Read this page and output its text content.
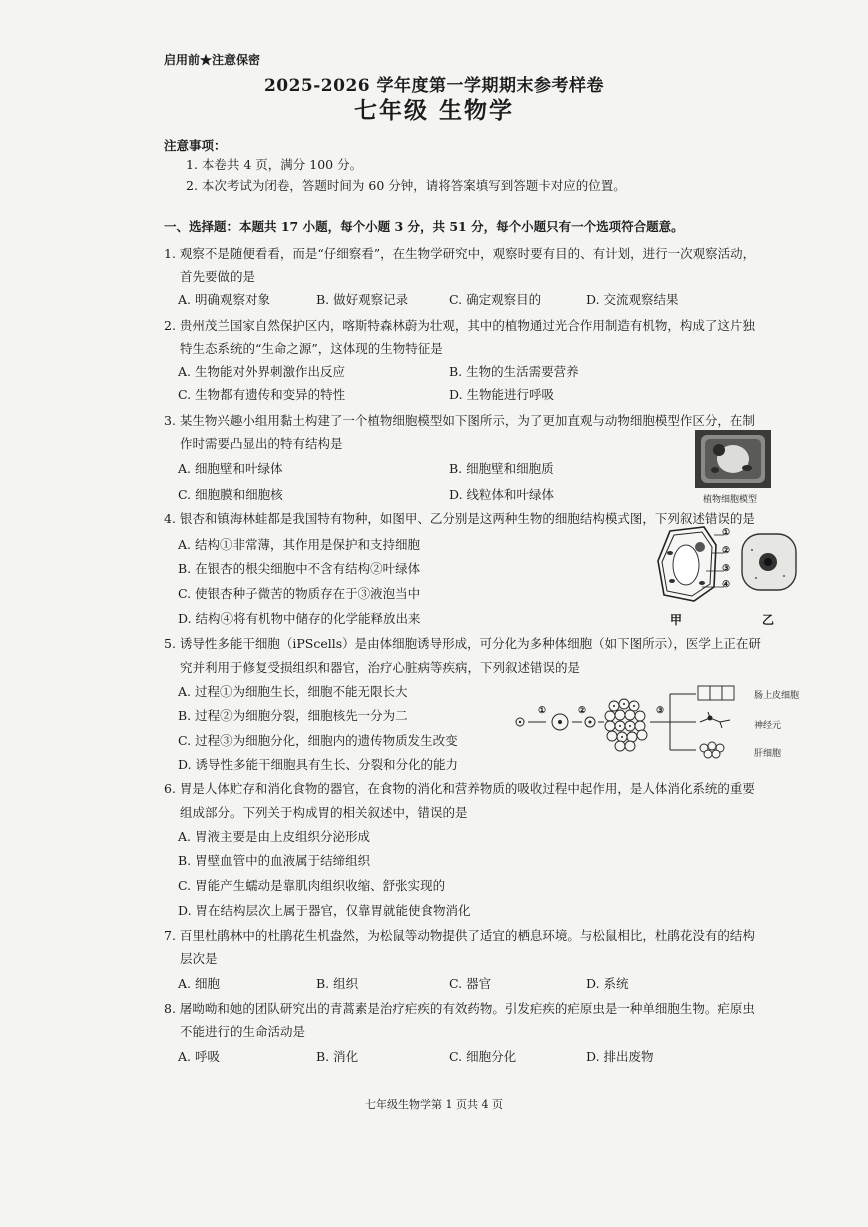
启用前★注意保密
2025-2026 学年度第一学期期末参考样卷
七年级 生物学
注意事项：
1. 本卷共 4 页，满分 100 分。
2. 本次考试为闭卷，答题时间为 60 分钟，请将答案填写到答题卡对应的位置。
一、选择题：本题共 17 小题，每个小题 3 分，共 51 分，每个小题只有一个选项符合题意。
1. 观察不是随便看看，而是“仔细察看”，在生物学研究中，观察时要有目的、有计划，进行一次观察活动，
首先要做的是
A. 明确观察对象	B. 做好观察记录	C. 确定观察目的	D. 交流观察结果
2. 贵州茂兰国家自然保护区内，喀斯特森林蔚为壮观，其中的植物通过光合作用制造有机物，构成了这片独
特生态系统的“生命之源”，这体现的生物特征是
A. 生物能对外界刺激作出反应	B. 生物的生活需要营养
C. 生物都有遗传和变异的特性	D. 生物能进行呼吸
3. 某生物兴趣小组用黏土构建了一个植物细胞模型如下图所示，为了更加直观与动物细胞模型作区分，在制
作时需要凸显出的特有结构是
A. 细胞壁和叶绿体	B. 细胞壁和细胞质
C. 细胞膜和细胞核	D. 线粒体和叶绿体	植物细胞模型
4. 银杏和镇海林蛙都是我国特有物种，如图甲、乙分别是这两种生物的细胞结构模式图，下列叙述错误的是
A. 结构①非常薄，其作用是保护和支持细胞
B. 在银杏的根尖细胞中不含有结构②叶绿体
C. 使银杏种子微苦的物质存在于③液泡当中
D. 结构④将有机物中储存的化学能释放出来
①
②
③
④
甲	乙
5. 诱导性多能干细胞（iPScells）是由体细胞诱导形成，可分化为多种体细胞（如下图所示），医学上正在研
究并利用于修复受损组织和器官，治疗心脏病等疾病，下列叙述错误的是
A. 过程①为细胞生长，细胞不能无限长大
B. 过程②为细胞分裂，细胞核先一分为二
C. 过程③为细胞分化，细胞内的遗传物质发生改变
D. 诱导性多能干细胞具有生长、分裂和分化的能力
①	②	③
肠上皮细胞
神经元
肝细胞
6. 胃是人体贮存和消化食物的器官，在食物的消化和营养物质的吸收过程中起作用，是人体消化系统的重要
组成部分。下列关于构成胃的相关叙述中，错误的是
A. 胃液主要是由上皮组织分泌形成
B. 胃壁血管中的血液属于结缔组织
C. 胃能产生蠕动是靠肌肉组织收缩、舒张实现的
D. 胃在结构层次上属于器官，仅靠胃就能使食物消化
7. 百里杜鹃林中的杜鹃花生机盎然，为松鼠等动物提供了适宜的栖息环境。与松鼠相比，杜鹃花没有的结构
层次是
A. 细胞	B. 组织	C. 器官	D. 系统
8. 屠呦呦和她的团队研究出的青蒿素是治疗疟疾的有效药物。引发疟疾的疟原虫是一种单细胞生物。疟原虫
不能进行的生命活动是
A. 呼吸	B. 消化	C. 细胞分化	D. 排出废物
七年级生物学第 1 页共 4 页
